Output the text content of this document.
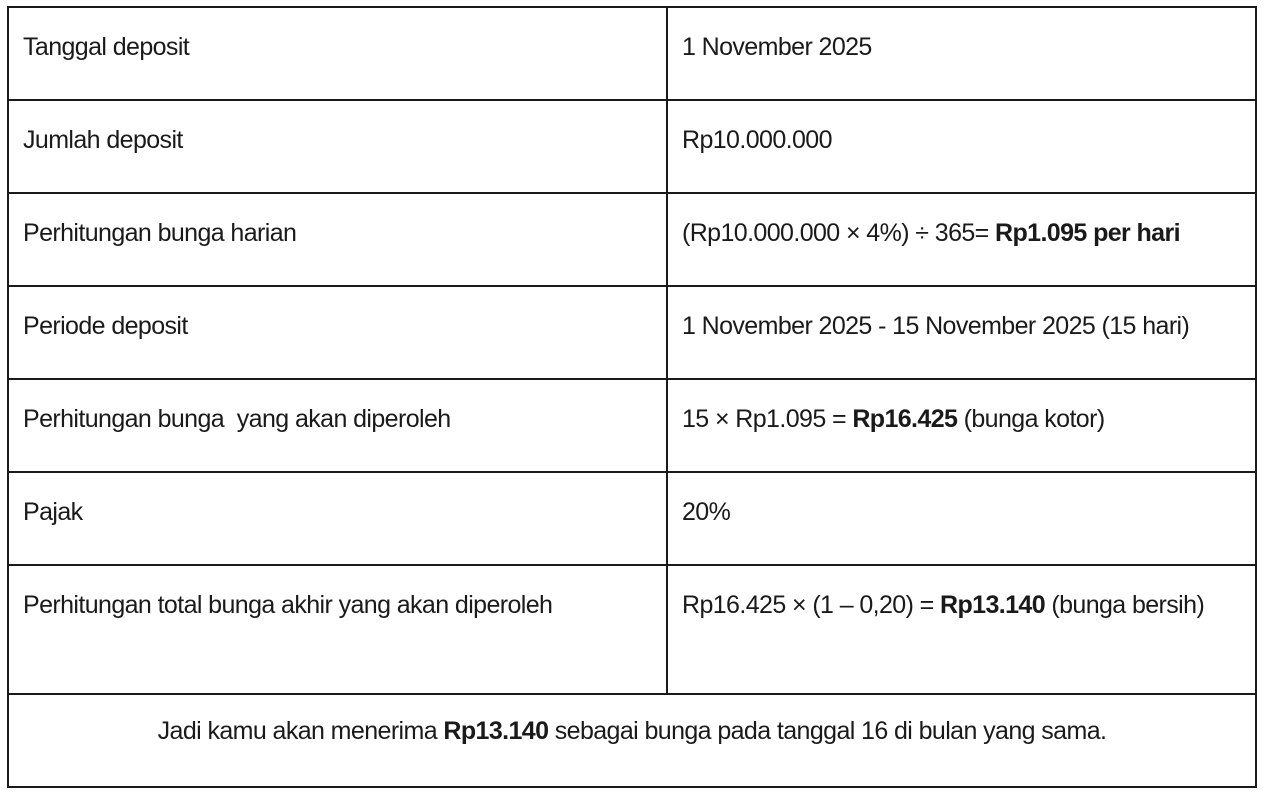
Tanggal deposit	1 November 2025
Jumlah deposit	Rp10.000.000
Perhitungan bunga harian	(Rp10.000.000 × 4%) ÷ 365= Rp1.095 per hari
Periode deposit	1 November 2025 - 15 November 2025 (15 hari)
Perhitungan bunga  yang akan diperoleh	15 × Rp1.095 = Rp16.425 (bunga kotor)
Pajak	20%
Perhitungan total bunga akhir yang akan diperoleh	Rp16.425 × (1 – 0,20) = Rp13.140 (bunga bersih)
Jadi kamu akan menerima Rp13.140 sebagai bunga pada tanggal 16 di bulan yang sama.	
